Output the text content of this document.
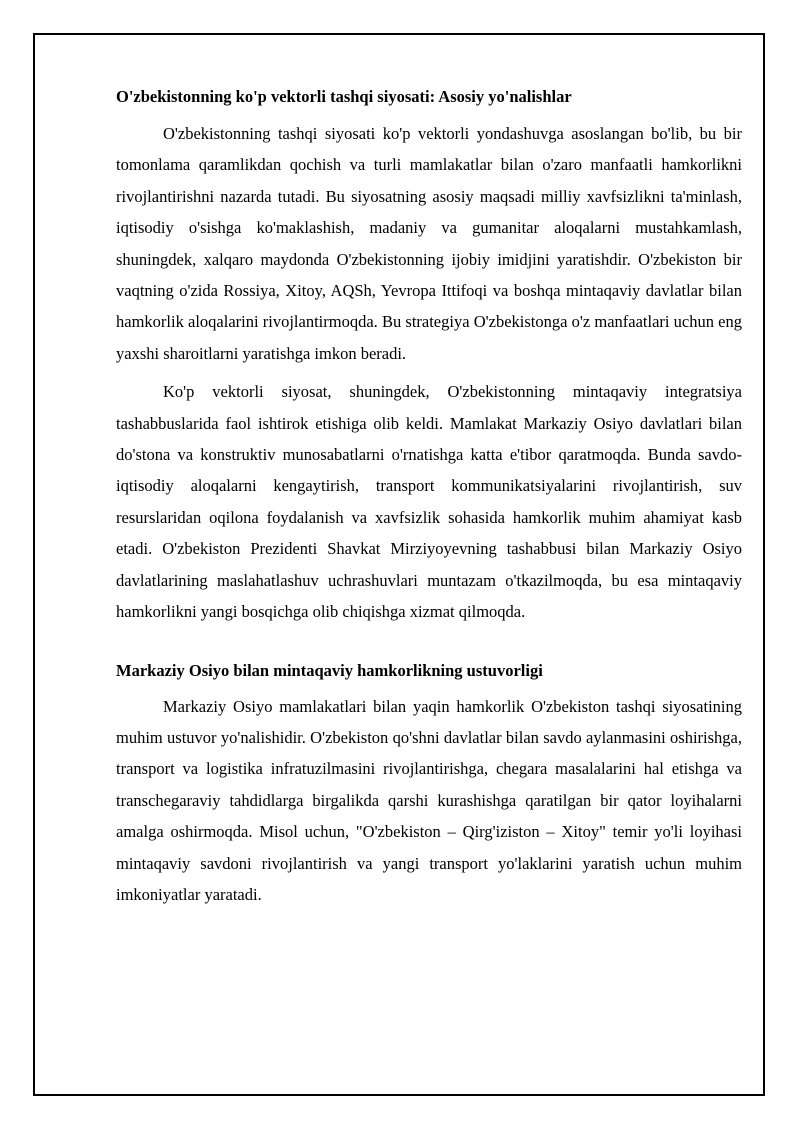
O'zbekistonning ko'p vektorli tashqi siyosati: Asosiy yo'nalishlar

O'zbekistonning tashqi siyosati ko'p vektorli yondashuvga asoslangan bo'lib, bu bir tomonlama qaramlikdan qochish va turli mamlakatlar bilan o'zaro manfaatli hamkorlikni rivojlantirishni nazarda tutadi. Bu siyosatning asosiy maqsadi milliy xavfsizlikni ta'minlash, iqtisodiy o'sishga ko'maklashish, madaniy va gumanitar aloqalarni mustahkamlash, shuningdek, xalqaro maydonda O'zbekistonning ijobiy imidjini yaratishdir. O'zbekiston bir vaqtning o'zida Rossiya, Xitoy, AQSh, Yevropa Ittifoqi va boshqa mintaqaviy davlatlar bilan hamkorlik aloqalarini rivojlantirmoqda. Bu strategiya O'zbekistonga o'z manfaatlari uchun eng yaxshi sharoitlarni yaratishga imkon beradi.

Ko'p vektorli siyosat, shuningdek, O'zbekistonning mintaqaviy integratsiya tashabbuslarida faol ishtirok etishiga olib keldi. Mamlakat Markaziy Osiyo davlatlari bilan do'stona va konstruktiv munosabatlarni o'rnatishga katta e'tibor qaratmoqda. Bunda savdo-iqtisodiy aloqalarni kengaytirish, transport kommunikatsiyalarini rivojlantirish, suv resurslaridan oqilona foydalanish va xavfsizlik sohasida hamkorlik muhim ahamiyat kasb etadi. O'zbekiston Prezidenti Shavkat Mirziyoyevning tashabbusi bilan Markaziy Osiyo davlatlarining maslahatlashuv uchrashuvlari muntazam o'tkazilmoqda, bu esa mintaqaviy hamkorlikni yangi bosqichga olib chiqishga xizmat qilmoqda.

Markaziy Osiyo bilan mintaqaviy hamkorlikning ustuvorligi

Markaziy Osiyo mamlakatlari bilan yaqin hamkorlik O'zbekiston tashqi siyosatining muhim ustuvor yo'nalishidir. O'zbekiston qo'shni davlatlar bilan savdo aylanmasini oshirishga, transport va logistika infratuzilmasini rivojlantirishga, chegara masalalarini hal etishga va transchegaraviy tahdidlarga birgalikda qarshi kurashishga qaratilgan bir qator loyihalarni amalga oshirmoqda. Misol uchun, "O'zbekiston – Qirg'iziston – Xitoy" temir yo'li loyihasi mintaqaviy savdoni rivojlantirish va yangi transport yo'laklarini yaratish uchun muhim imkoniyatlar yaratadi.
